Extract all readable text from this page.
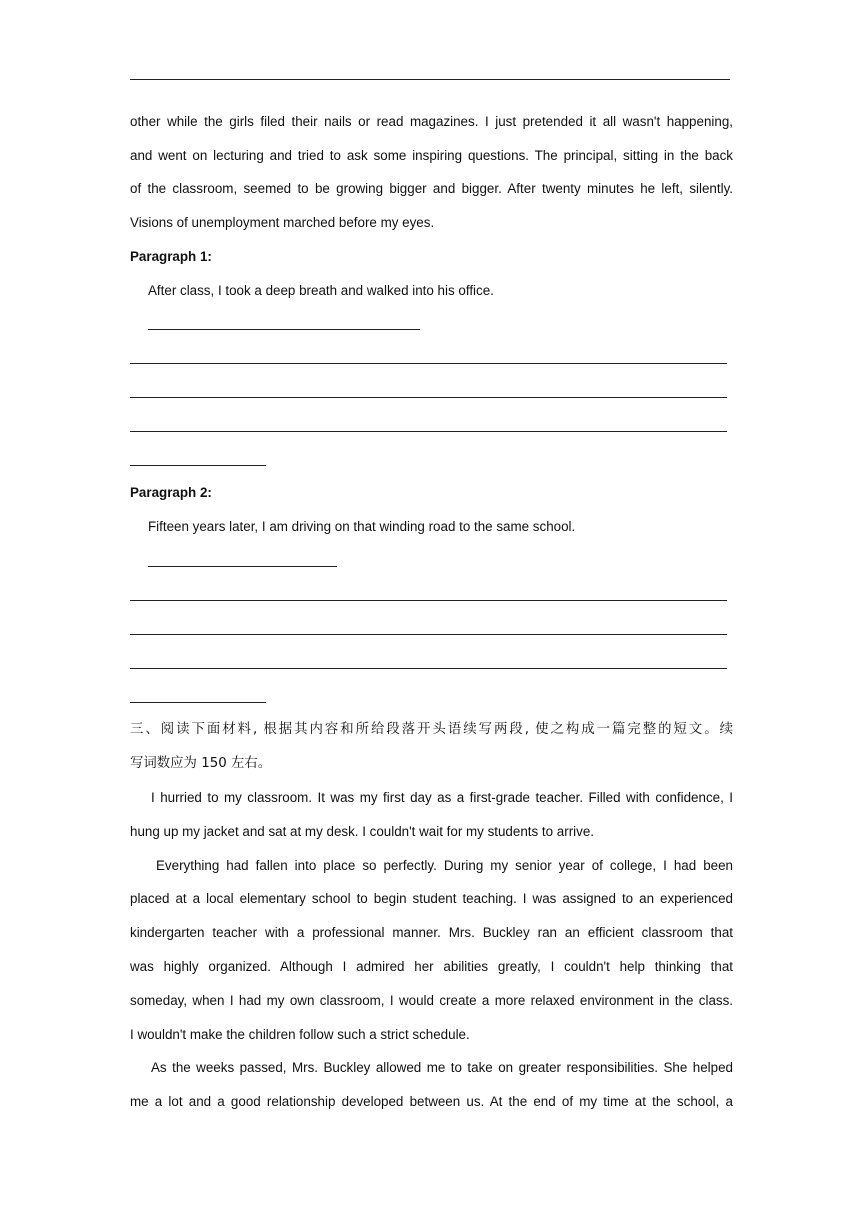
other while the girls filed their nails or read magazines. I just pretended it all wasn't happening,
and went on lecturing and tried to ask some inspiring questions. The principal, sitting in the back
of the classroom, seemed to be growing bigger and bigger. After twenty minutes he left, silently.
Visions of unemployment marched before my eyes.
Paragraph 1:
After class, I took a deep breath and walked into his office.
Paragraph 2:
Fifteen years later, I am driving on that winding road to the same school.
三、阅读下面材料, 根据其内容和所给段落开头语续写两段, 使之构成一篇完整的短文。续
写词数应为 150 左右。
I hurried to my classroom. It was my first day as a first-grade teacher. Filled with confidence, I
hung up my jacket and sat at my desk. I couldn't wait for my students to arrive.
Everything had fallen into place so perfectly. During my senior year of college, I had been
placed at a local elementary school to begin student teaching. I was assigned to an experienced
kindergarten teacher with a professional manner. Mrs. Buckley ran an efficient classroom that
was highly organized. Although I admired her abilities greatly, I couldn't help thinking that
someday, when I had my own classroom, I would create a more relaxed environment in the class.
I wouldn't make the children follow such a strict schedule.
As the weeks passed, Mrs. Buckley allowed me to take on greater responsibilities. She helped
me a lot and a good relationship developed between us. At the end of my time at the school, a
